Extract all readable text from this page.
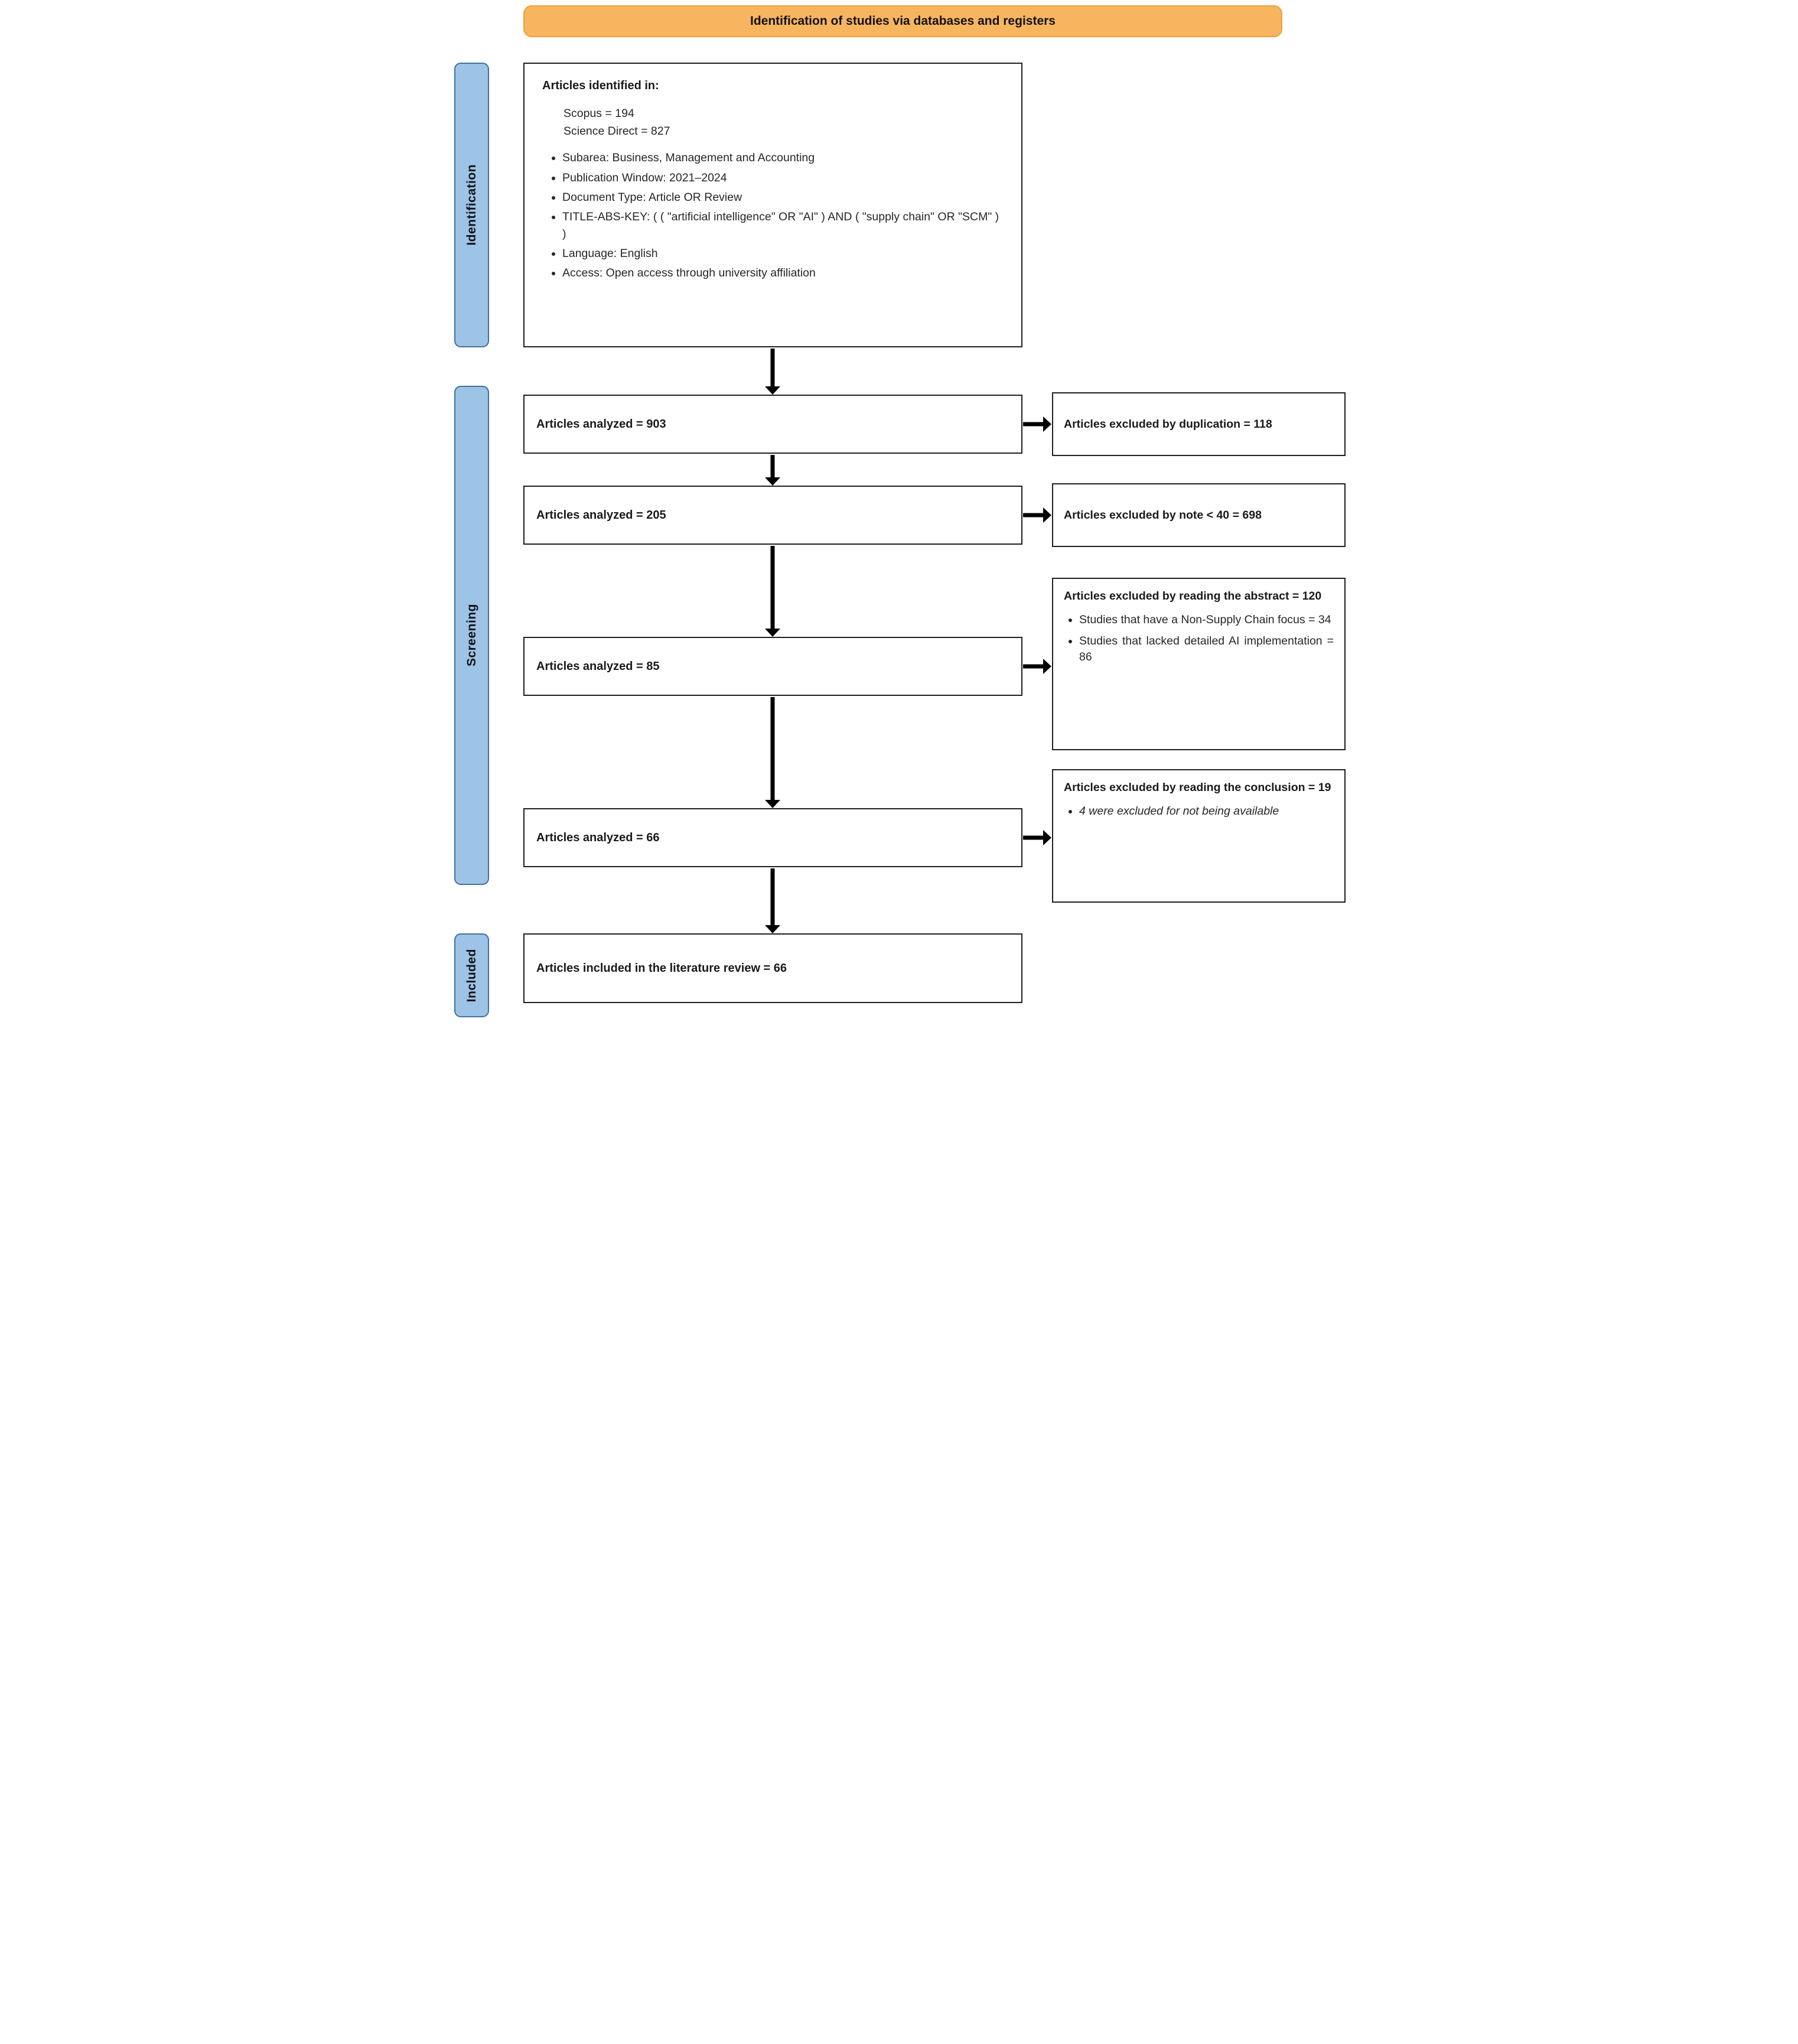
Identification of studies via databases and registers
Identification
Screening
Included
Articles identified in:
Scopus = 194
Science Direct = 827
• Subarea: Business, Management and Accounting
• Publication Window: 2021–2024
• Document Type: Article OR Review
• TITLE-ABS-KEY: ( ( "artificial intelligence" OR "AI" ) AND ( "supply chain" OR "SCM" ) )
• Language: English
• Access: Open access through university affiliation
Articles analyzed = 903
Articles analyzed = 205
Articles analyzed = 85
Articles analyzed = 66
Articles included in the literature review = 66
Articles excluded by duplication = 118
Articles excluded by note < 40 = 698
Articles excluded by reading the abstract = 120
• Studies that have a Non-Supply Chain focus = 34
• Studies that lacked detailed AI implementation = 86
Articles excluded by reading the conclusion = 19
• 4 were excluded for not being available
